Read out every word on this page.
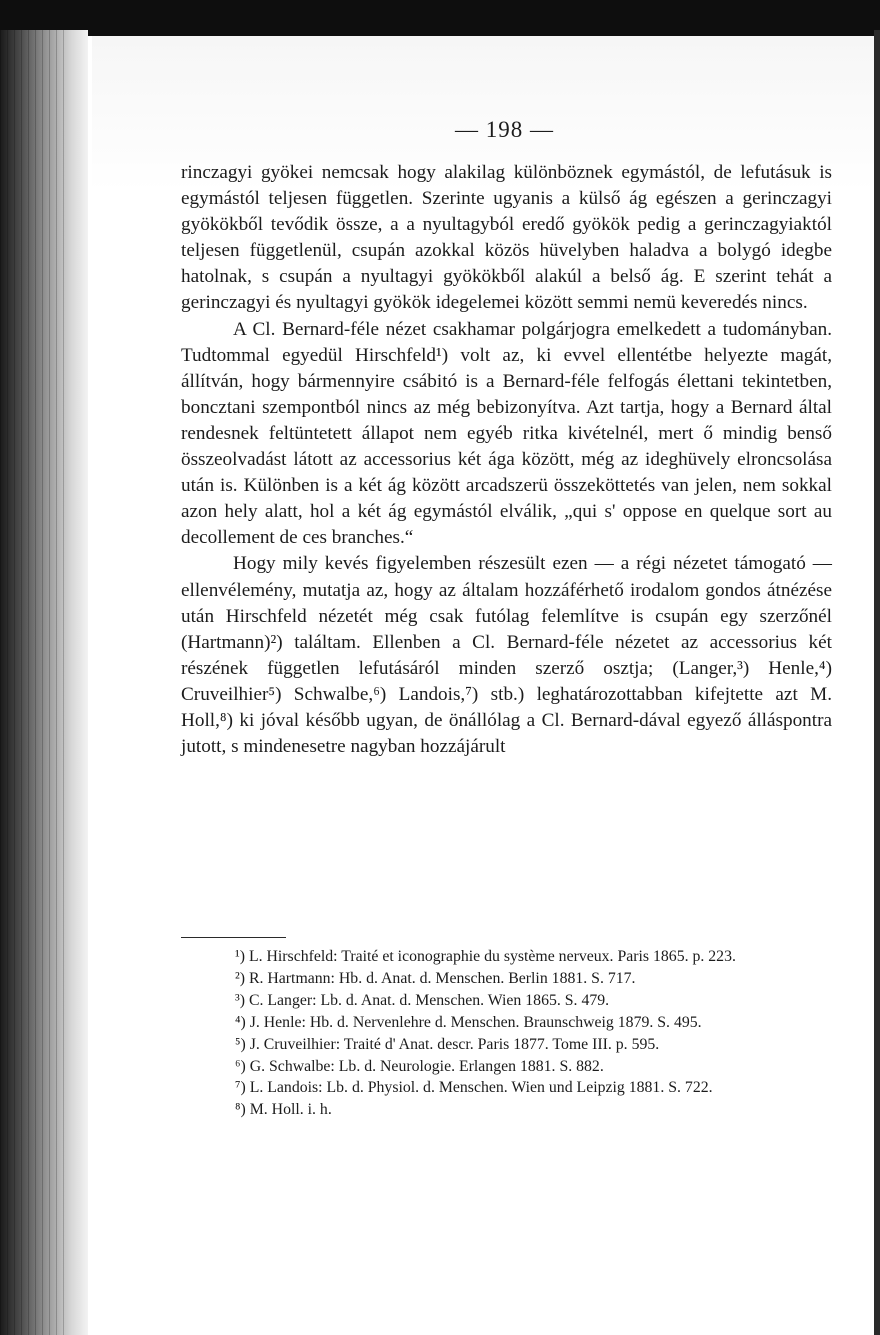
— 198 —

rinczagyi gyökei nemcsak hogy alakilag különböznek egymástól, de lefutásuk is egymástól teljesen független. Szerinte ugyanis a külső ág egészen a gerinczagyi gyökökből tevődik össze, a a nyultagyból eredő gyökök pedig a gerinczagyiaktól teljesen függetlenül, csupán azokkal közös hüvelyben haladva a bolygó idegbe hatolnak, s csupán a nyultagyi gyökökből alakúl a belső ág. E szerint tehát a gerinczagyi és nyultagyi gyökök idegelemei között semmi nemü keveredés nincs.

A Cl. Bernard-féle nézet csakhamar polgárjogra emelkedett a tudományban. Tudtommal egyedül Hirschfeld¹) volt az, ki evvel ellentétbe helyezte magát, állítván, hogy bármennyire csábitó is a Bernard-féle felfogás élettani tekintetben, boncztani szempontból nincs az még bebizonyítva. Azt tartja, hogy a Bernard által rendesnek feltüntetett állapot nem egyéb ritka kivételnél, mert ő mindig benső összeolvadást látott az accessorius két ága között, még az ideghüvely elroncsolása után is. Különben is a két ág között arcadszerü összeköttetés van jelen, nem sokkal azon hely alatt, hol a két ág egymástól elválik, „qui s' oppose en quelque sort au decollement de ces branches.“

Hogy mily kevés figyelemben részesült ezen — a régi nézetet támogató — ellenvélemény, mutatja az, hogy az általam hozzáférhető irodalom gondos átnézése után Hirschfeld nézetét még csak futólag felemlítve is csupán egy szerzőnél (Hartmann)²) találtam. Ellenben a Cl. Bernard-féle nézetet az accessorius két részének független lefutásáról minden szerző osztja; (Langer,³) Henle,⁴) Cruveilhier⁵) Schwalbe,⁶) Landois,⁷) stb.) leghatározottabban kifejtette azt M. Holl,⁸) ki jóval később ugyan, de önállólag a Cl. Bernard-dával egyező álláspontra jutott, s mindenesetre nagyban hozzájárult

¹) L. Hirschfeld: Traité et iconographie du système nerveux. Paris 1865. p. 223.
²) R. Hartmann: Hb. d. Anat. d. Menschen. Berlin 1881. S. 717.
³) C. Langer: Lb. d. Anat. d. Menschen. Wien 1865. S. 479.
⁴) J. Henle: Hb. d. Nervenlehre d. Menschen. Braunschweig 1879. S. 495.
⁵) J. Cruveilhier: Traité d' Anat. descr. Paris 1877. Tome III. p. 595.
⁶) G. Schwalbe: Lb. d. Neurologie. Erlangen 1881. S. 882.
⁷) L. Landois: Lb. d. Physiol. d. Menschen. Wien und Leipzig 1881. S. 722.
⁸) M. Holl. i. h.
